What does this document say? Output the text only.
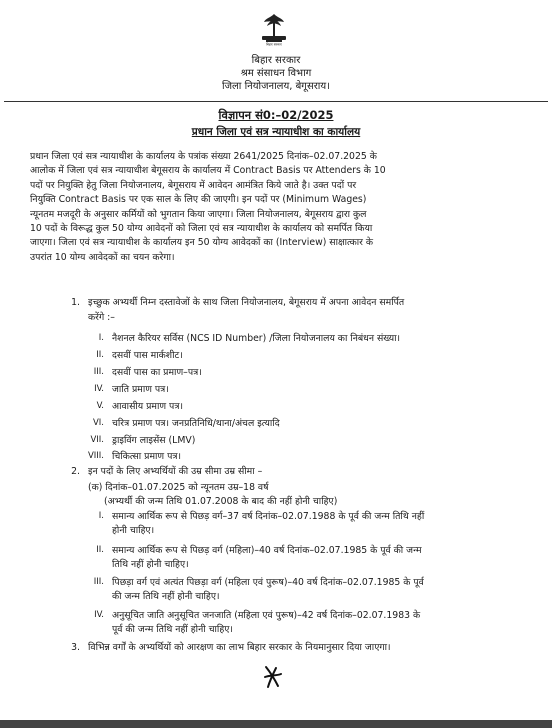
बिहार सरकार
बिहार सरकार
श्रम संसाधन विभाग
जिला नियोजनालय, बेगूसराय।
विज्ञापन सं0:–02/2025
प्रधान जिला एवं सत्र न्यायाधीश का कार्यालय
प्रधान जिला एवं सत्र न्यायाधीश के कार्यालय के पत्रांक संख्या 2641/2025 दिनांक–02.07.2025 के
आलोक में जिला एवं सत्र न्यायाधीश बेगूसराय के कार्यालय में Contract Basis पर Attenders के 10
पदों पर नियुक्ति हेतु जिला नियोजनालय, बेगूसराय में आवेदन आमंत्रित किये जाते है। उक्त पदों पर
नियुक्ति Contract Basis पर एक साल के लिए की जाएगी। इन पदों पर (Minimum Wages)
न्यूनतम मजदूरी के अनुसार कर्मियों को भुगतान किया जाएगा। जिला नियोजनालय, बेगूसराय द्वारा कुल
10 पदों के विरूद्ध कुल 50 योग्य आवेदनों को जिला एवं सत्र न्यायाधीश के कार्यालय को समर्पित किया
जाएगा। जिला एवं सत्र न्यायाधीश के कार्यालय इन 50 योग्य आवेदकों का (Interview) साक्षात्कार के
उपरांत 10 योग्य आवेदकों का चयन करेगा।
1. इच्छुक अभ्यर्थी निम्न दस्तावेजों के साथ जिला नियोजनालय, बेगूसराय में अपना आवेदन समर्पित
करेंगे :–
I. नैशनल कैरियर सर्विस (NCS ID Number) /जिला नियोजनालय का निबंधन संख्या।
II. दसवीं पास मार्कशीट।
III. दसवीं पास का प्रमाण–पत्र।
IV. जाति प्रमाण पत्र।
V. आवासीय प्रमाण पत्र।
VI. चरित्र प्रमाण पत्र। जनप्रतिनिधि/थाना/अंचल इत्यादि
VII. ड्राइविंग लाइसेंस (LMV)
VIII. चिकित्सा प्रमाण पत्र।
2. इन पदों के लिए अभ्यर्थियों की उम्र सीमा उम्र सीमा –
(क) दिनांक–01.07.2025 को न्यूनतम उम्र–18 वर्ष
(अभ्यर्थी की जन्म तिथि 01.07.2008 के बाद की नहीं होनी चाहिए)
I. समान्य आर्थिक रूप से पिछड़ वर्ग–37 वर्ष दिनांक–02.07.1988 के पूर्व की जन्म तिथि नहीं
होनी चाहिए।
II. समान्य आर्थिक रूप से पिछड़ वर्ग (महिला)–40 वर्ष दिनांक–02.07.1985 के पूर्व की जन्म
तिथि नहीं होनी चाहिए।
III. पिछड़ा वर्ग एवं अत्यंत पिछड़ा वर्ग (महिला एवं पुरूष)–40 वर्ष दिनांक–02.07.1985 के पूर्व
की जन्म तिथि नहीं होनी चाहिए।
IV. अनुसूचित जाति अनुसूचित जनजाति (महिला एवं पुरूष)–42 वर्ष दिनांक–02.07.1983 के
पूर्व की जन्म तिथि नहीं होनी चाहिए।
3. विभिन्न वर्गों के अभ्यर्थियों को आरक्षण का लाभ बिहार सरकार के नियमानुसार दिया जाएगा।
